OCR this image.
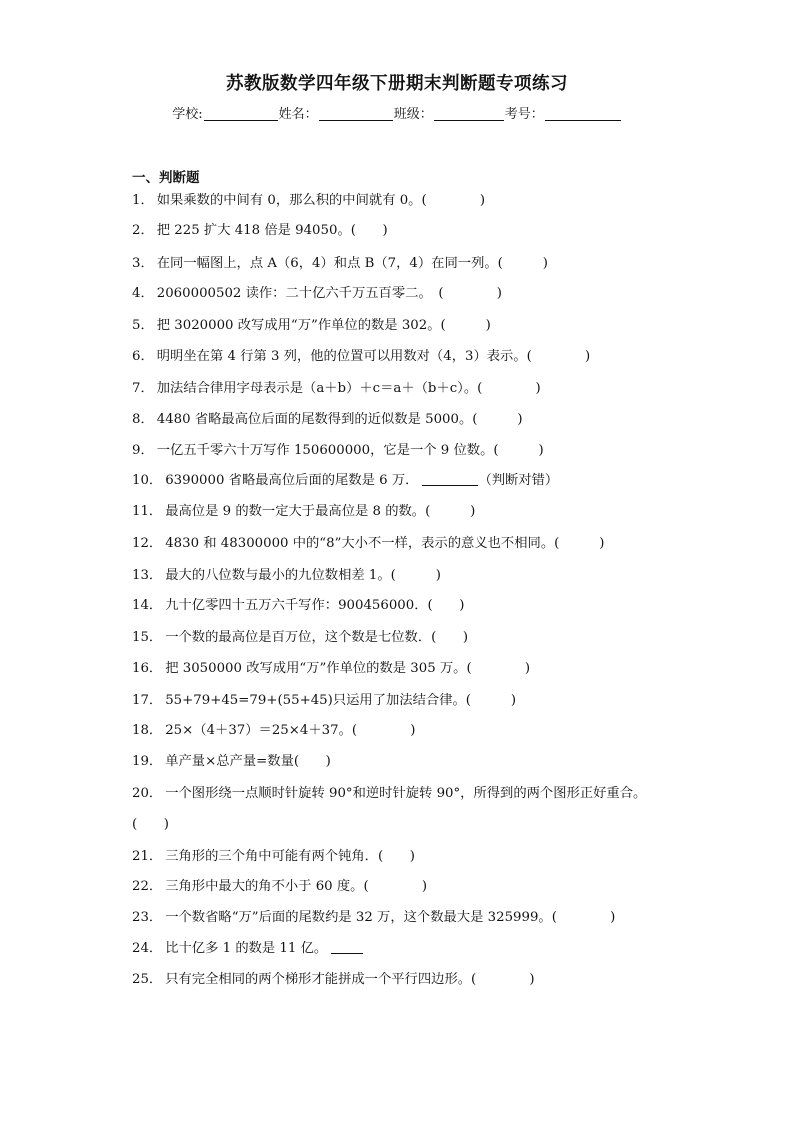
苏教版数学四年级下册期末判断题专项练习
学校:	姓名：	班级：	考号：
一、判断题
1． 如果乘数的中间有 0，那么积的中间就有 0。(　　　　)
2． 把 225 扩大 418 倍是 94050。(　　)
3． 在同一幅图上，点 A（6，4）和点 B（7，4）在同一列。(　　　)
4． 2060000502 读作：二十亿六千万五百零二。　(　　　　)
5． 把 3020000 改写成用“万”作单位的数是 302。(　　　)
6． 明明坐在第 4 行第 3 列，他的位置可以用数对（4，3）表示。(　　　　)
7． 加法结合律用字母表示是（a＋b）＋c＝a＋（b＋c）。(　　　　)
8． 4480 省略最高位后面的尾数得到的近似数是 5000。(　　　)
9． 一亿五千零六十万写作 150600000，它是一个 9 位数。(　　　)
10． 6390000 省略最高位后面的尾数是 6 万．	（判断对错）
11． 最高位是 9 的数一定大于最高位是 8 的数。(　　　)
12． 4830 和 48300000 中的“8”大小不一样，表示的意义也不相同。(　　　)
13． 最大的八位数与最小的九位数相差 1。(　　　)
14． 九十亿零四十五万六千写作：900456000．(　　)
15． 一个数的最高位是百万位，这个数是七位数．(　　)
16． 把 3050000 改写成用“万”作单位的数是 305 万。(　　　　)
17． 55+79+45=79+(55+45)只运用了加法结合律。(　　　)
18． 25×（4＋37）＝25×4＋37。(　　　　)
19． 单产量×总产量=数量(　　)
20． 一个图形绕一点顺时针旋转 90°和逆时针旋转 90°，所得到的两个图形正好重合。
(　　)
21． 三角形的三个角中可能有两个钝角．(　　)
22． 三角形中最大的角不小于 60 度。(　　　　)
23． 一个数省略“万”后面的尾数约是 32 万，这个数最大是 325999。(　　　　)
24． 比十亿多 1 的数是 11 亿。
25． 只有完全相同的两个梯形才能拼成一个平行四边形。(　　　　)
